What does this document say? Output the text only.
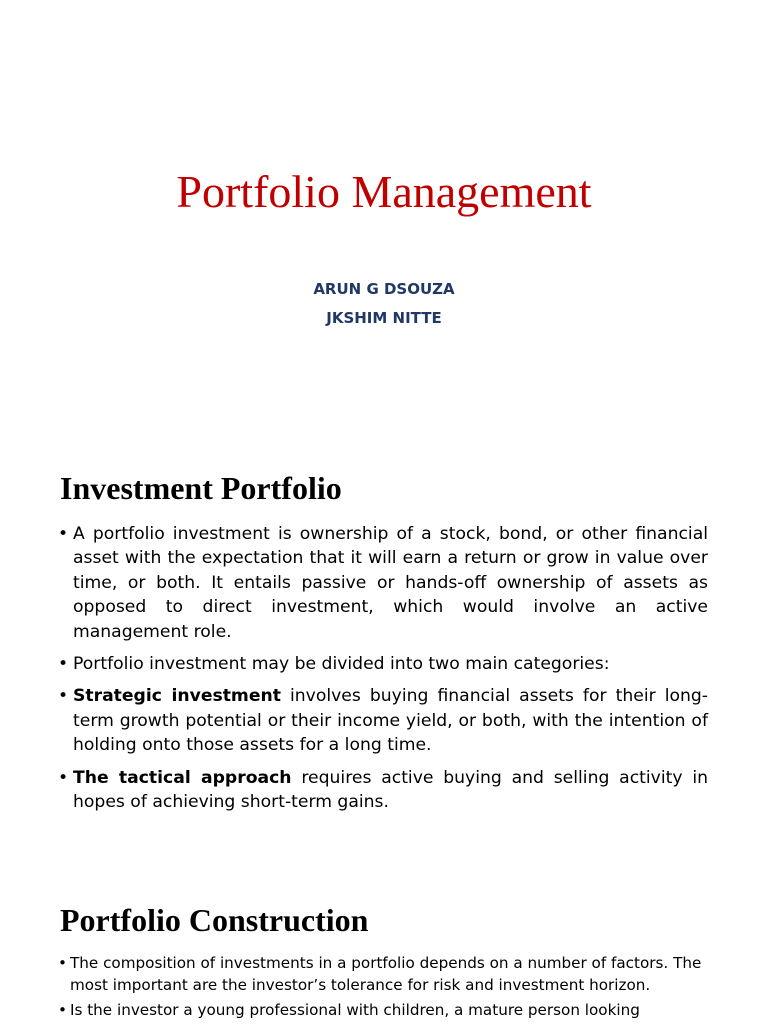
Portfolio Management
ARUN G DSOUZA
JKSHIM NITTE
Investment Portfolio
• A portfolio investment is ownership of a stock, bond, or other financial asset with the expectation that it will earn a return or grow in value over time, or both. It entails passive or hands-off ownership of assets as opposed to direct investment, which would involve an active management role.
• Portfolio investment may be divided into two main categories:
• Strategic investment involves buying financial assets for their long-term growth potential or their income yield, or both, with the intention of holding onto those assets for a long time.
• The tactical approach requires active buying and selling activity in hopes of achieving short-term gains.
Portfolio Construction
• The composition of investments in a portfolio depends on a number of factors. The most important are the investor’s tolerance for risk and investment horizon.
• Is the investor a young professional with children, a mature person looking
